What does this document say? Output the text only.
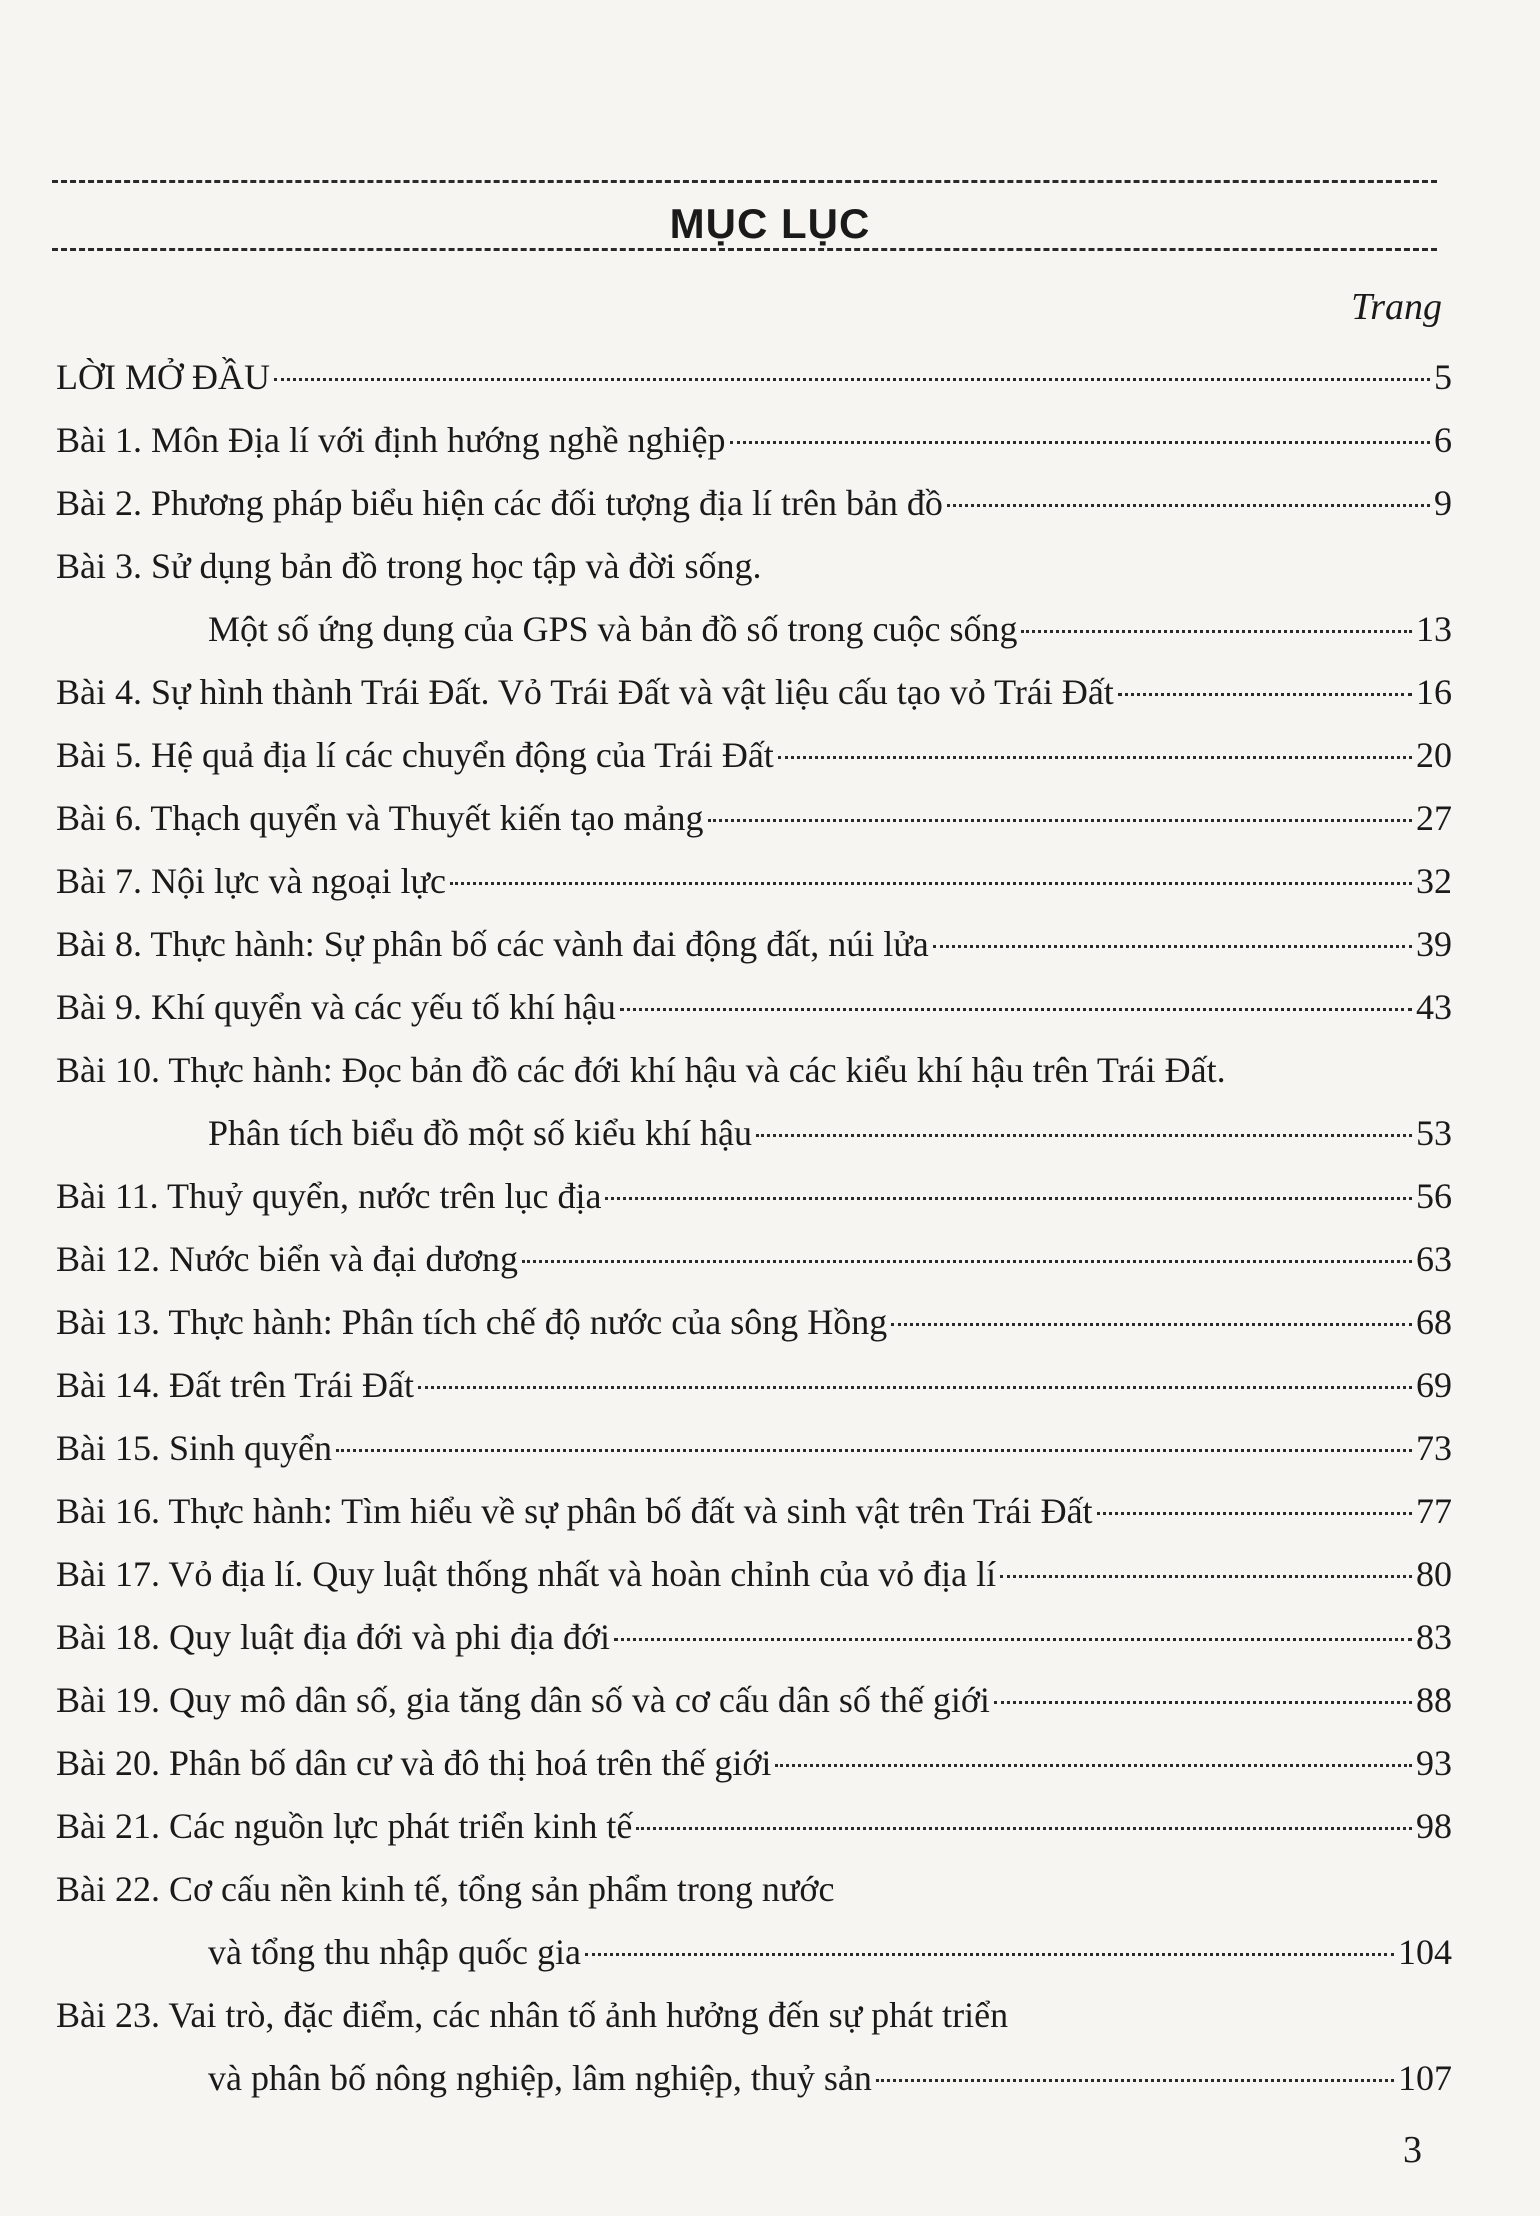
MỤC LỤC
Trang
LỜI MỞ ĐẦU	5
Bài 1. Môn Địa lí với định hướng nghề nghiệp	6
Bài 2. Phương pháp biểu hiện các đối tượng địa lí trên bản đồ	9
Bài 3. Sử dụng bản đồ trong học tập và đời sống.
Một số ứng dụng của GPS và bản đồ số trong cuộc sống	13
Bài 4. Sự hình thành Trái Đất. Vỏ Trái Đất và vật liệu cấu tạo vỏ Trái Đất	16
Bài 5. Hệ quả địa lí các chuyển động của Trái Đất	20
Bài 6. Thạch quyển và Thuyết kiến tạo mảng	27
Bài 7. Nội lực và ngoại lực	32
Bài 8. Thực hành: Sự phân bố các vành đai động đất, núi lửa	39
Bài 9. Khí quyển và các yếu tố khí hậu	43
Bài 10. Thực hành: Đọc bản đồ các đới khí hậu và các kiểu khí hậu trên Trái Đất.
Phân tích biểu đồ một số kiểu khí hậu	53
Bài 11. Thuỷ quyển, nước trên lục địa	56
Bài 12. Nước biển và đại dương	63
Bài 13. Thực hành: Phân tích chế độ nước của sông Hồng	68
Bài 14. Đất trên Trái Đất	69
Bài 15. Sinh quyển	73
Bài 16. Thực hành: Tìm hiểu về sự phân bố đất và sinh vật trên Trái Đất	77
Bài 17. Vỏ địa lí. Quy luật thống nhất và hoàn chỉnh của vỏ địa lí	80
Bài 18. Quy luật địa đới và phi địa đới	83
Bài 19. Quy mô dân số, gia tăng dân số và cơ cấu dân số thế giới	88
Bài 20. Phân bố dân cư và đô thị hoá trên thế giới	93
Bài 21. Các nguồn lực phát triển kinh tế	98
Bài 22. Cơ cấu nền kinh tế, tổng sản phẩm trong nước
và tổng thu nhập quốc gia	104
Bài 23. Vai trò, đặc điểm, các nhân tố ảnh hưởng đến sự phát triển
và phân bố nông nghiệp, lâm nghiệp, thuỷ sản	107
3
